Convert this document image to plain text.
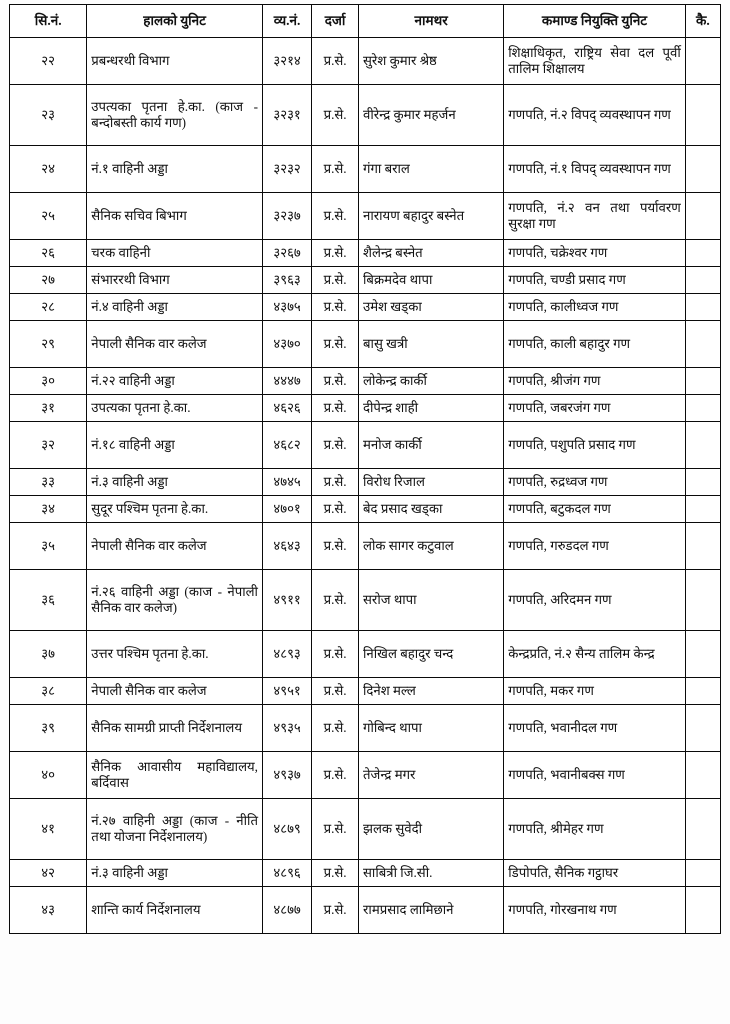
सि.नं.	हालको युनिट	व्य.नं.	दर्जा	नामथर	कमाण्ड नियुक्ति युनिट	कै.
२२	प्रबन्धरथी विभाग	३२१४	प्र.से.	सुरेश कुमार श्रेष्ठ	शिक्षाधिकृत, राष्ट्रिय सेवा दल पूर्वी तालिम शिक्षालय	
२३	उपत्यका पृतना हे.का. (काज - बन्दोबस्ती कार्य गण)	३२३१	प्र.से.	वीरेन्द्र कुमार महर्जन	गणपति, नं.२ विपद् व्यवस्थापन गण	
२४	नं.१ वाहिनी अड्डा	३२३२	प्र.से.	गंगा बराल	गणपति, नं.१ विपद् व्यवस्थापन गण	
२५	सैनिक सचिव बिभाग	३२३७	प्र.से.	नारायण बहादुर बस्नेत	गणपति, नं.२ वन तथा पर्यावरण सुरक्षा गण	
२६	चरक वाहिनी	३२६७	प्र.से.	शैलेन्द्र बस्नेत	गणपति, चक्रेश्वर गण	
२७	संभाररथी विभाग	३९६३	प्र.से.	बिक्रमदेव थापा	गणपति, चण्डी प्रसाद गण	
२८	नं.४ वाहिनी अड्डा	४३७५	प्र.से.	उमेश खड्का	गणपति, कालीध्वज गण	
२९	नेपाली सैनिक वार कलेज	४३७०	प्र.से.	बासु खत्री	गणपति, काली बहादुर गण	
३०	नं.२२ वाहिनी अड्डा	४४४७	प्र.से.	लोकेन्द्र कार्की	गणपति, श्रीजंग गण	
३१	उपत्यका पृतना हे.का.	४६२६	प्र.से.	दीपेन्द्र शाही	गणपति, जबरजंग गण	
३२	नं.१८ वाहिनी अड्डा	४६८२	प्र.से.	मनोज कार्की	गणपति, पशुपति प्रसाद गण	
३३	नं.३ वाहिनी अड्डा	४७४५	प्र.से.	विरोध रिजाल	गणपति, रुद्रध्वज गण	
३४	सुदूर पश्चिम पृतना हे.का.	४७०१	प्र.से.	बेद प्रसाद खड्का	गणपति, बटुकदल गण	
३५	नेपाली सैनिक वार कलेज	४६४३	प्र.से.	लोक सागर कटुवाल	गणपति, गरुडदल गण	
३६	नं.२६ वाहिनी अड्डा (काज - नेपाली सैनिक वार कलेज)	४९११	प्र.से.	सरोज थापा	गणपति, अरिदमन गण	
३७	उत्तर पश्चिम पृतना हे.का.	४८९३	प्र.से.	निखिल बहादुर चन्द	केन्द्रप्रति, नं.२ सैन्य तालिम केन्द्र	
३८	नेपाली सैनिक वार कलेज	४९५१	प्र.से.	दिनेश मल्ल	गणपति, मकर गण	
३९	सैनिक सामग्री प्राप्ती निर्देशनालय	४९३५	प्र.से.	गोबिन्द थापा	गणपति, भवानीदल गण	
४०	सैनिक आवासीय महाविद्यालय, बर्दिवास	४९३७	प्र.से.	तेजेन्द्र मगर	गणपति, भवानीबक्स गण	
४१	नं.२७ वाहिनी अड्डा (काज - नीति तथा योजना निर्देशनालय)	४८७९	प्र.से.	झलक सुवेदी	गणपति, श्रीमेहर गण	
४२	नं.३ वाहिनी अड्डा	४८९६	प्र.से.	साबित्री जि.सी.	डिपोपति, सैनिक गट्ठाघर	
४३	शान्ति कार्य निर्देशनालय	४८७७	प्र.से.	रामप्रसाद लामिछाने	गणपति, गोरखनाथ गण	
